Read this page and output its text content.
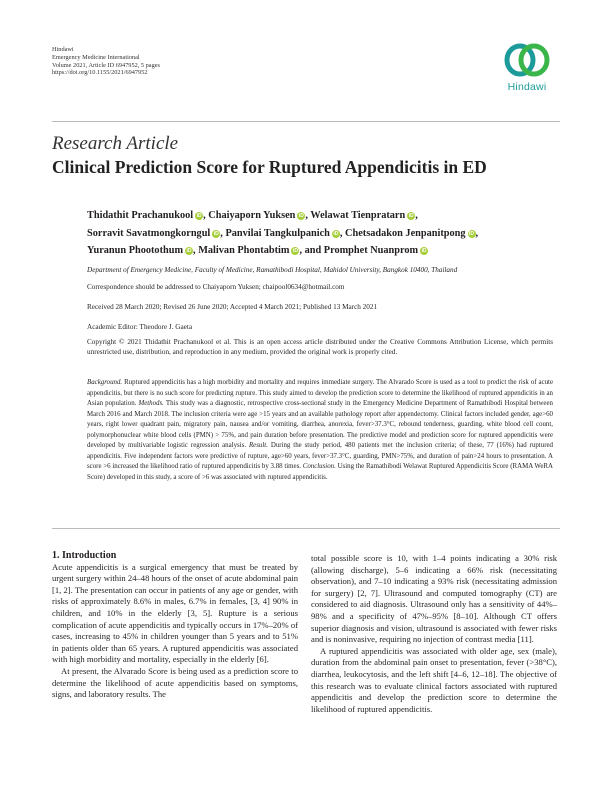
Hindawi
Emergency Medicine International
Volume 2021, Article ID 6947952, 5 pages
https://doi.org/10.1155/2021/6947952
Hindawi
Research Article
Clinical Prediction Score for Ruptured Appendicitis in ED
Thidathit Prachanukool iD , Chaiyaporn Yuksen iD , Welawat Tienpratarn iD ,
Sorravit Savatmongkorngul iD , Panvilai Tangkulpanich iD , Chetsadakon Jenpanitpong iD ,
Yuranun Phootothum iD , Malivan Phontabtim iD , and Promphet Nuanprom iD
Department of Emergency Medicine, Faculty of Medicine, Ramathibodi Hospital, Mahidol University, Bangkok 10400, Thailand
Correspondence should be addressed to Chaiyaporn Yuksen; chaipool0634@hotmail.com
Received 28 March 2020; Revised 26 June 2020; Accepted 4 March 2021; Published 13 March 2021
Academic Editor: Theodore J. Gaeta
Copyright © 2021 Thidathit Prachanukool et al. This is an open access article distributed under the Creative Commons Attribution License, which permits unrestricted use, distribution, and reproduction in any medium, provided the original work is properly cited.
Background. Ruptured appendicitis has a high morbidity and mortality and requires immediate surgery. The Alvarado Score is used as a tool to predict the risk of acute appendicitis, but there is no such score for predicting rupture. This study aimed to develop the prediction score to determine the likelihood of ruptured appendicitis in an Asian population. Methods. This study was a diagnostic, retrospective cross-sectional study in the Emergency Medicine Department of Ramathibodi Hospital between March 2016 and March 2018. The inclusion criteria were age >15 years and an available pathology report after appendectomy. Clinical factors included gender, age>60 years, right lower quadrant pain, migratory pain, nausea and/or vomiting, diarrhea, anorexia, fever>37.3°C, rebound tenderness, guarding, white blood cell count, polymorphonuclear white blood cells (PMN) > 75%, and pain duration before presentation. The predictive model and prediction score for ruptured appendicitis were developed by multivariable logistic regression analysis. Result. During the study period, 480 patients met the inclusion criteria; of these, 77 (16%) had ruptured appendicitis. Five independent factors were predictive of rupture, age>60 years, fever>37.3°C, guarding, PMN>75%, and duration of pain>24 hours to presentation. A score >6 increased the likelihood ratio of ruptured appendicitis by 3.88 times. Conclusion. Using the Ramathibodi Welawat Ruptured Appendicitis Score (RAMA WeRA Score) developed in this study, a score of >6 was associated with ruptured appendicitis.

1. Introduction

Acute appendicitis is a surgical emergency that must be treated by urgent surgery within 24–48 hours of the onset of acute abdominal pain [1, 2]. The presentation can occur in patients of any age or gender, with risks of approximately 8.6% in males, 6.7% in females, [3, 4] 90% in children, and 10% in the elderly [3, 5]. Rupture is a serious complication of acute appendicitis and typically occurs in 17%–20% of cases, increasing to 45% in children younger than 5 years and to 51% in patients older than 65 years. A ruptured appendicitis was associated with high morbidity and mortality, especially in the elderly [6].

At present, the Alvarado Score is being used as a prediction score to determine the likelihood of acute appendicitis based on symptoms, signs, and laboratory results. The

total possible score is 10, with 1–4 points indicating a 30% risk (allowing discharge), 5–6 indicating a 66% risk (necessitating observation), and 7–10 indicating a 93% risk (necessitating admission for surgery) [2, 7]. Ultrasound and computed tomography (CT) are considered to aid diagnosis. Ultrasound only has a sensitivity of 44%–98% and a specificity of 47%–95% [8–10]. Although CT offers superior diagnosis and vision, ultrasound is associated with fewer risks and is noninvasive, requiring no injection of contrast media [11].

A ruptured appendicitis was associated with older age, sex (male), duration from the abdominal pain onset to presentation, fever (>38°C), diarrhea, leukocytosis, and the left shift [4–6, 12–18]. The objective of this research was to evaluate clinical factors associated with ruptured appendicitis and develop the prediction score to determine the likelihood of ruptured appendicitis.
